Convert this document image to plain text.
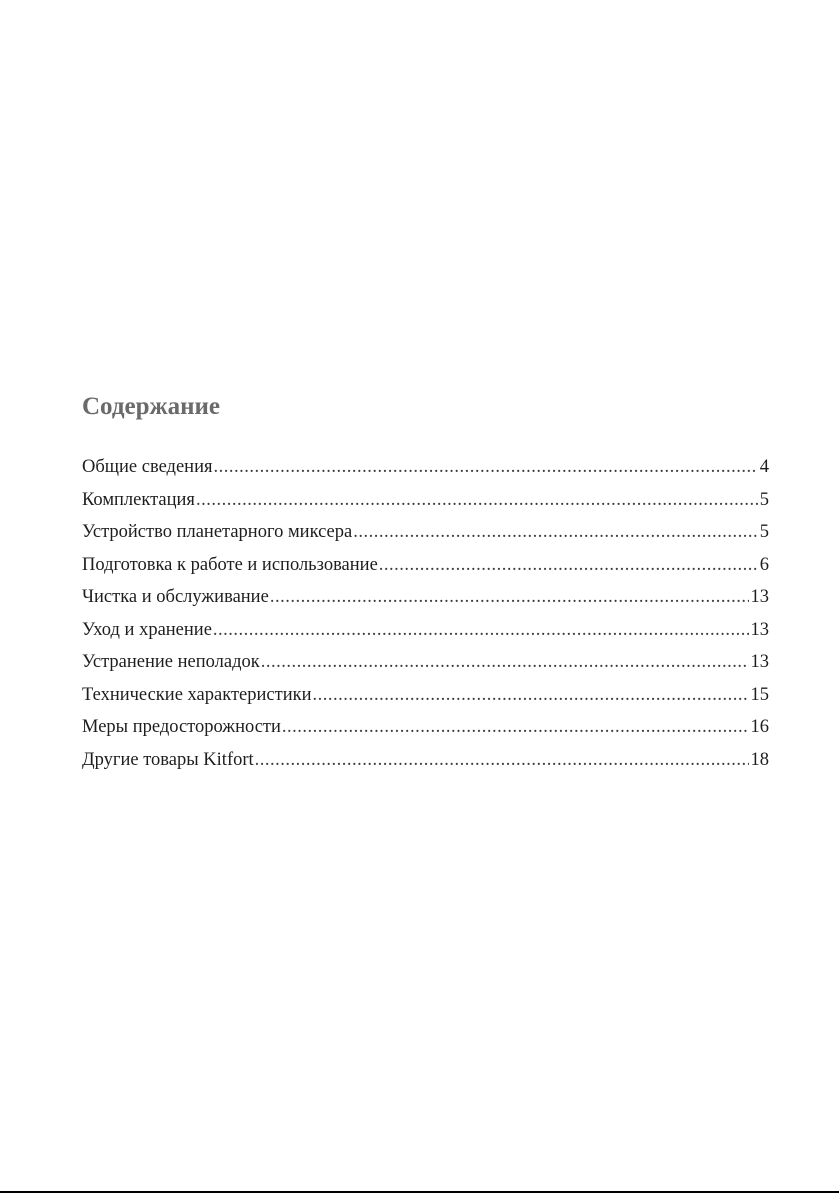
Содержание
Общие сведения .....	4
Комплектация .....	5
Устройство планетарного миксера .....	5
Подготовка к работе и использование .....	6
Чистка и обслуживание .....	13
Уход и хранение .....	13
Устранение неполадок .....	13
Технические характеристики .....	15
Меры предосторожности .....	16
Другие товары Kitfort .....	18
